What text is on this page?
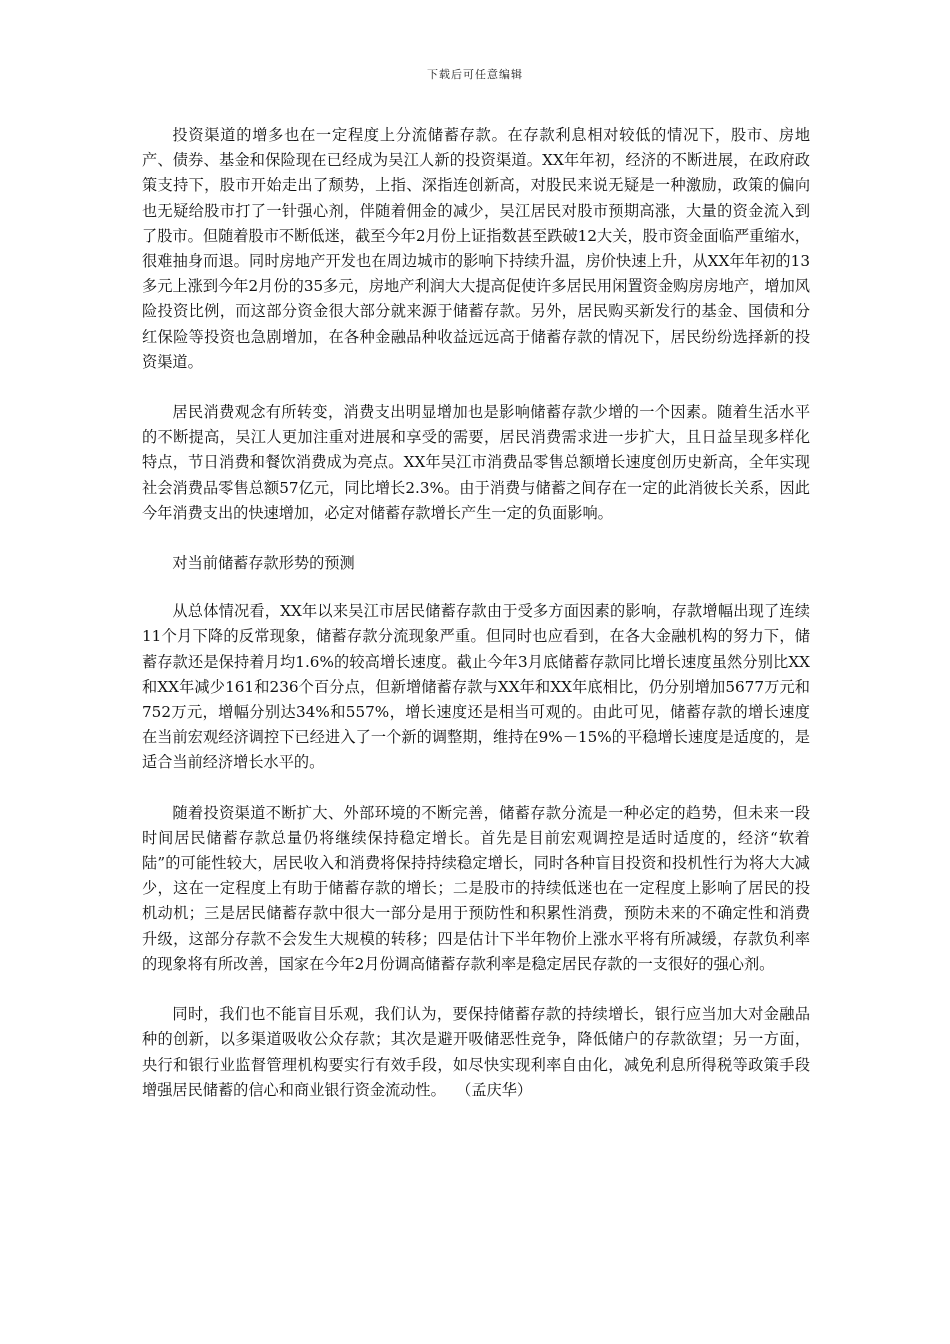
下载后可任意编辑

投资渠道的增多也在一定程度上分流储蓄存款。在存款利息相对较低的情况下，股市、房地产、债券、基金和保险现在已经成为吴江人新的投资渠道。XX年年初，经济的不断进展，在政府政策支持下，股市开始走出了颓势，上指、深指连创新高，对股民来说无疑是一种激励，政策的偏向也无疑给股市打了一针强心剂，伴随着佣金的减少，吴江居民对股市预期高涨，大量的资金流入到了股市。但随着股市不断低迷，截至今年2月份上证指数甚至跌破12大关，股市资金面临严重缩水，很难抽身而退。同时房地产开发也在周边城市的影响下持续升温，房价快速上升，从XX年年初的13多元上涨到今年2月份的35多元，房地产利润大大提高促使许多居民用闲置资金购房房地产，增加风险投资比例，而这部分资金很大部分就来源于储蓄存款。另外，居民购买新发行的基金、国债和分红保险等投资也急剧增加，在各种金融品种收益远远高于储蓄存款的情况下，居民纷纷选择新的投资渠道。

居民消费观念有所转变，消费支出明显增加也是影响储蓄存款少增的一个因素。随着生活水平的不断提高，吴江人更加注重对进展和享受的需要，居民消费需求进一步扩大，且日益呈现多样化特点，节日消费和餐饮消费成为亮点。XX年吴江市消费品零售总额增长速度创历史新高，全年实现社会消费品零售总额57亿元，同比增长2.3%。由于消费与储蓄之间存在一定的此消彼长关系，因此今年消费支出的快速增加，必定对储蓄存款增长产生一定的负面影响。

对当前储蓄存款形势的预测

从总体情况看，XX年以来吴江市居民储蓄存款由于受多方面因素的影响，存款增幅出现了连续11个月下降的反常现象，储蓄存款分流现象严重。但同时也应看到，在各大金融机构的努力下，储蓄存款还是保持着月均1.6%的较高增长速度。截止今年3月底储蓄存款同比增长速度虽然分别比XX和XX年减少161和236个百分点，但新增储蓄存款与XX年和XX年底相比，仍分别增加5677万元和752万元，增幅分别达34%和557%，增长速度还是相当可观的。由此可见，储蓄存款的增长速度在当前宏观经济调控下已经进入了一个新的调整期，维持在9%－15%的平稳增长速度是适度的，是适合当前经济增长水平的。

随着投资渠道不断扩大、外部环境的不断完善，储蓄存款分流是一种必定的趋势，但未来一段时间居民储蓄存款总量仍将继续保持稳定增长。首先是目前宏观调控是适时适度的，经济“软着陆”的可能性较大，居民收入和消费将保持持续稳定增长，同时各种盲目投资和投机性行为将大大减少，这在一定程度上有助于储蓄存款的增长；二是股市的持续低迷也在一定程度上影响了居民的投机动机；三是居民储蓄存款中很大一部分是用于预防性和积累性消费，预防未来的不确定性和消费升级，这部分存款不会发生大规模的转移；四是估计下半年物价上涨水平将有所减缓，存款负利率的现象将有所改善，国家在今年2月份调高储蓄存款利率是稳定居民存款的一支很好的强心剂。

同时，我们也不能盲目乐观，我们认为，要保持储蓄存款的持续增长，银行应当加大对金融品种的创新，以多渠道吸收公众存款；其次是避开吸储恶性竞争，降低储户的存款欲望；另一方面，央行和银行业监督管理机构要实行有效手段，如尽快实现利率自由化，减免利息所得税等政策手段增强居民储蓄的信心和商业银行资金流动性。 （孟庆华）
